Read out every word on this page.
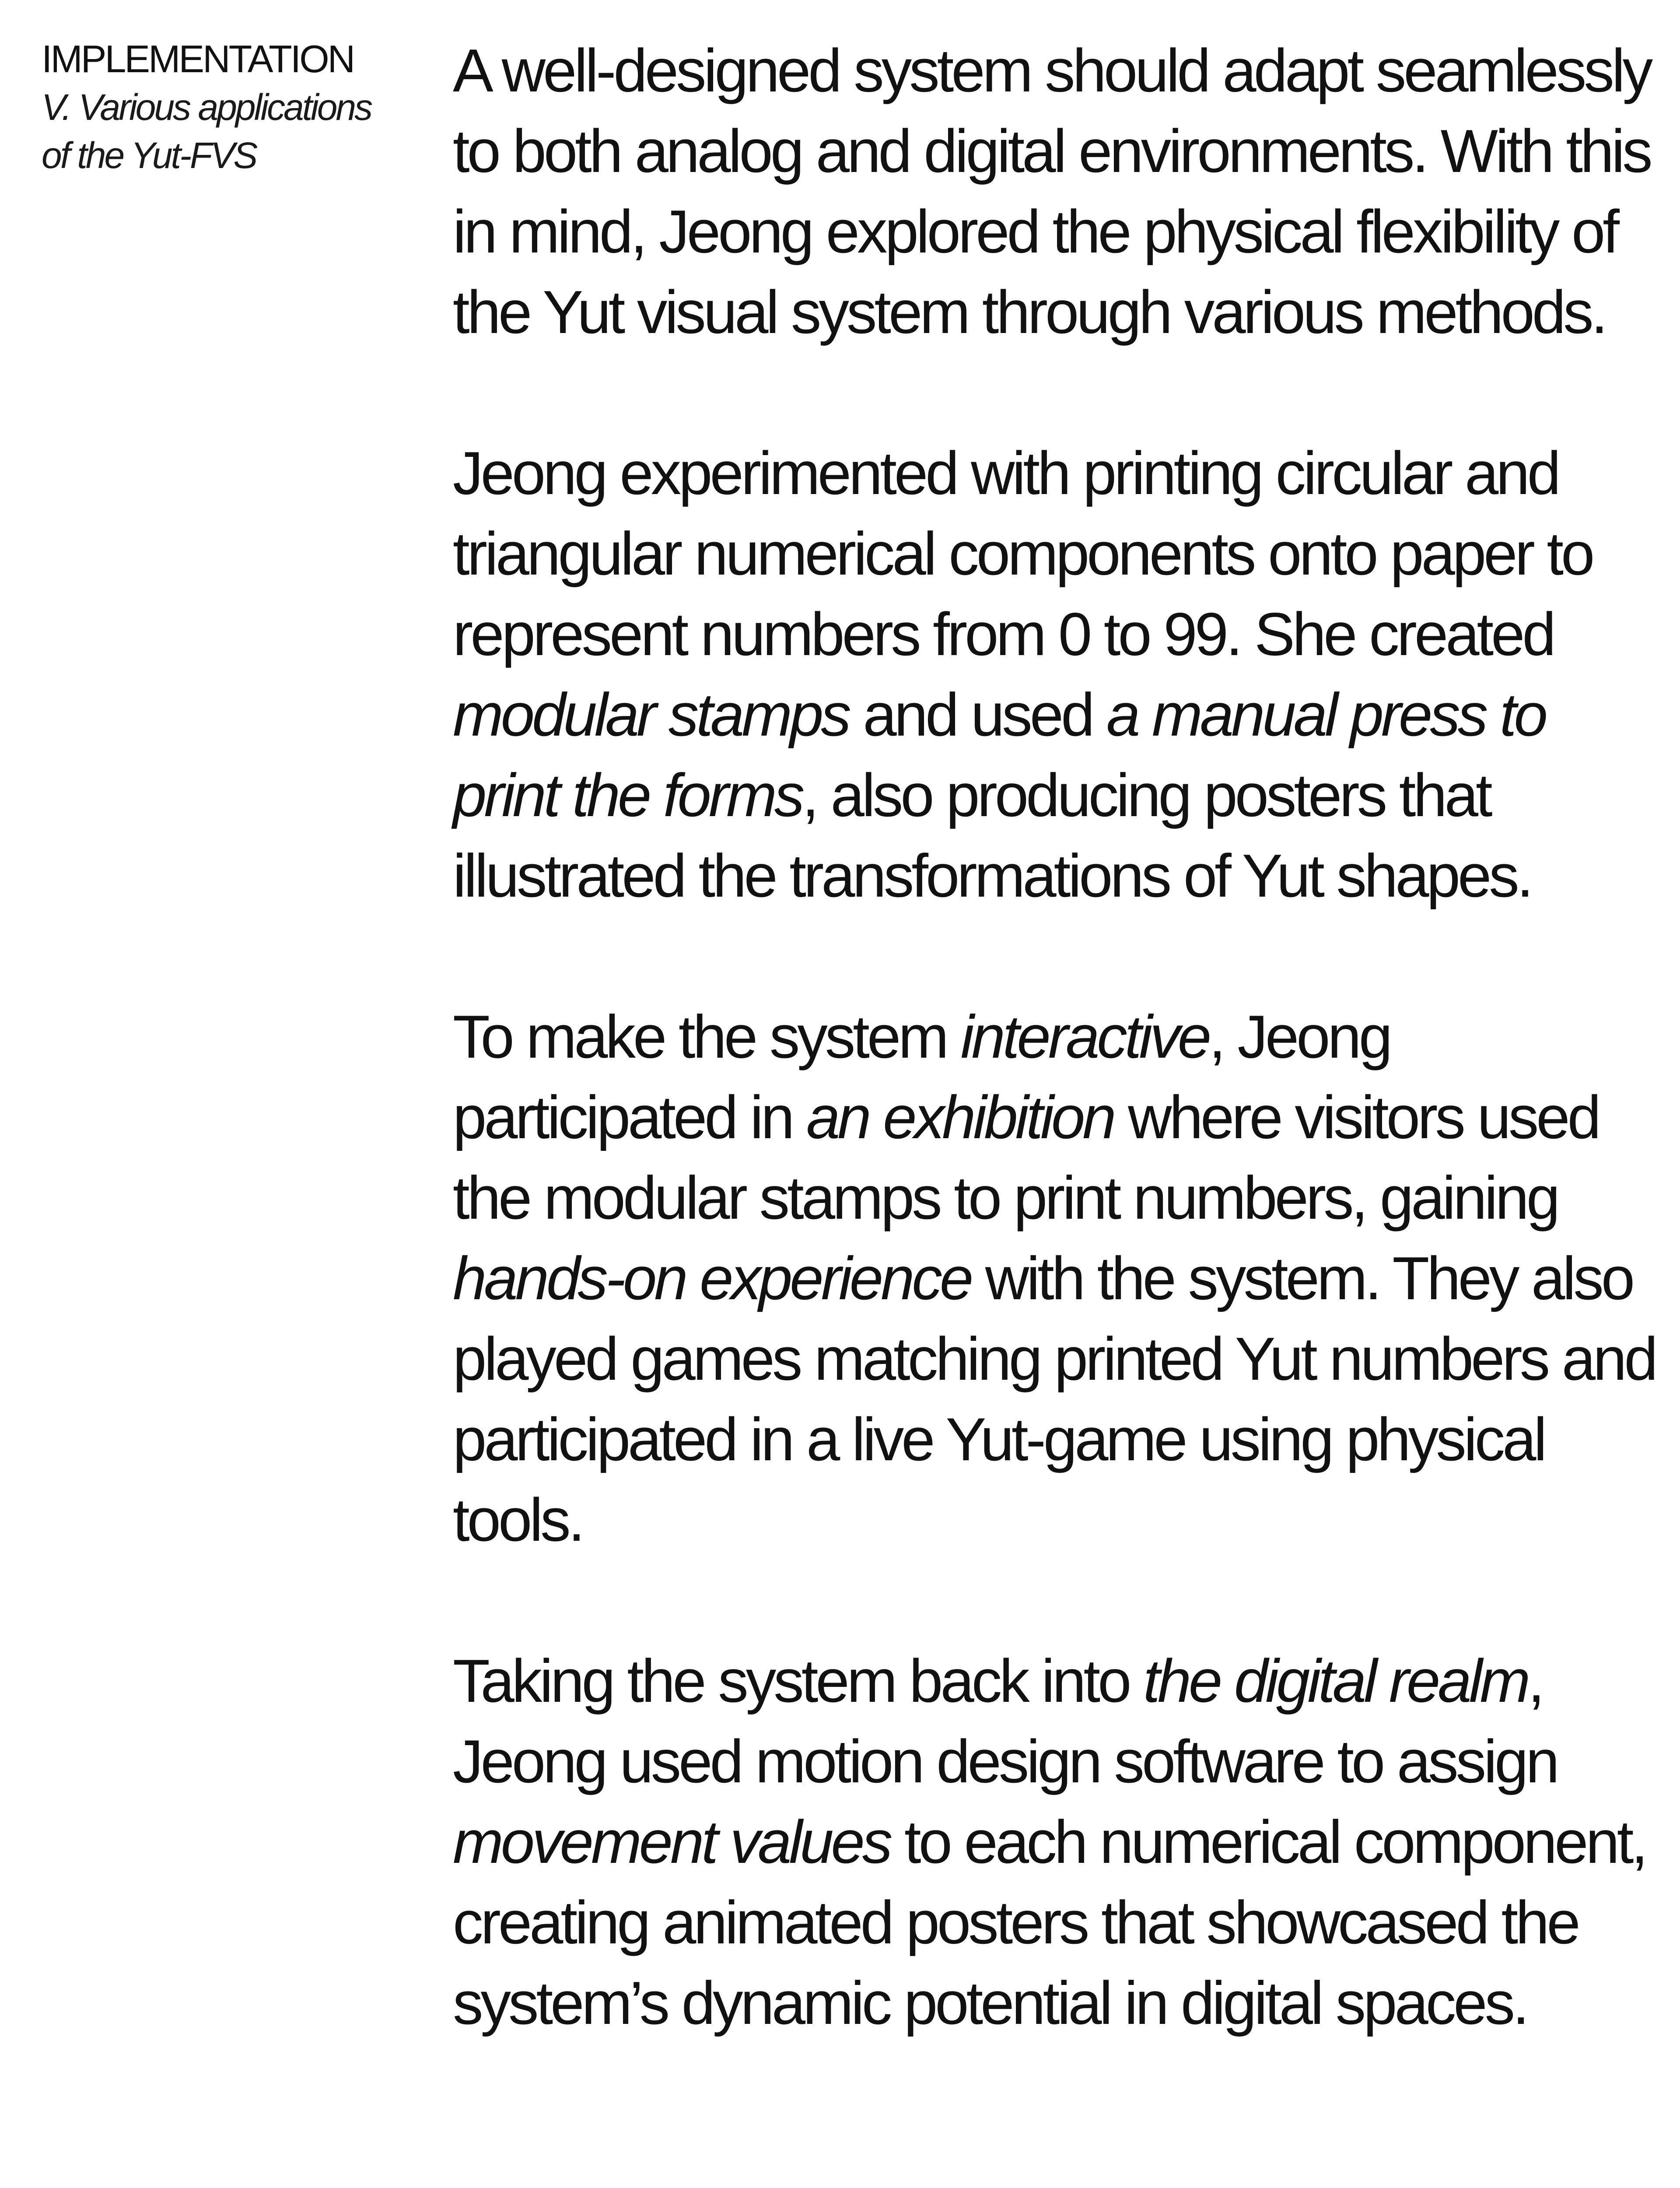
IMPLEMENTATION
V. Various applications
of the Yut-FVS

A well-designed system should adapt seamlessly to both analog and digital environments. With this in mind, Jeong explored the physical flexibility of the Yut visual system through various methods.

Jeong experimented with printing circular and triangular numerical components onto paper to represent numbers from 0 to 99. She created modular stamps and used a manual press to print the forms, also producing posters that illustrated the transformations of Yut shapes.

To make the system interactive, Jeong participated in an exhibition where visitors used the modular stamps to print numbers, gaining hands-on experience with the system. They also played games matching printed Yut numbers and participated in a live Yut-game using physical tools.

Taking the system back into the digital realm, Jeong used motion design software to assign movement values to each numerical component, creating animated posters that showcased the system’s dynamic potential in digital spaces.
